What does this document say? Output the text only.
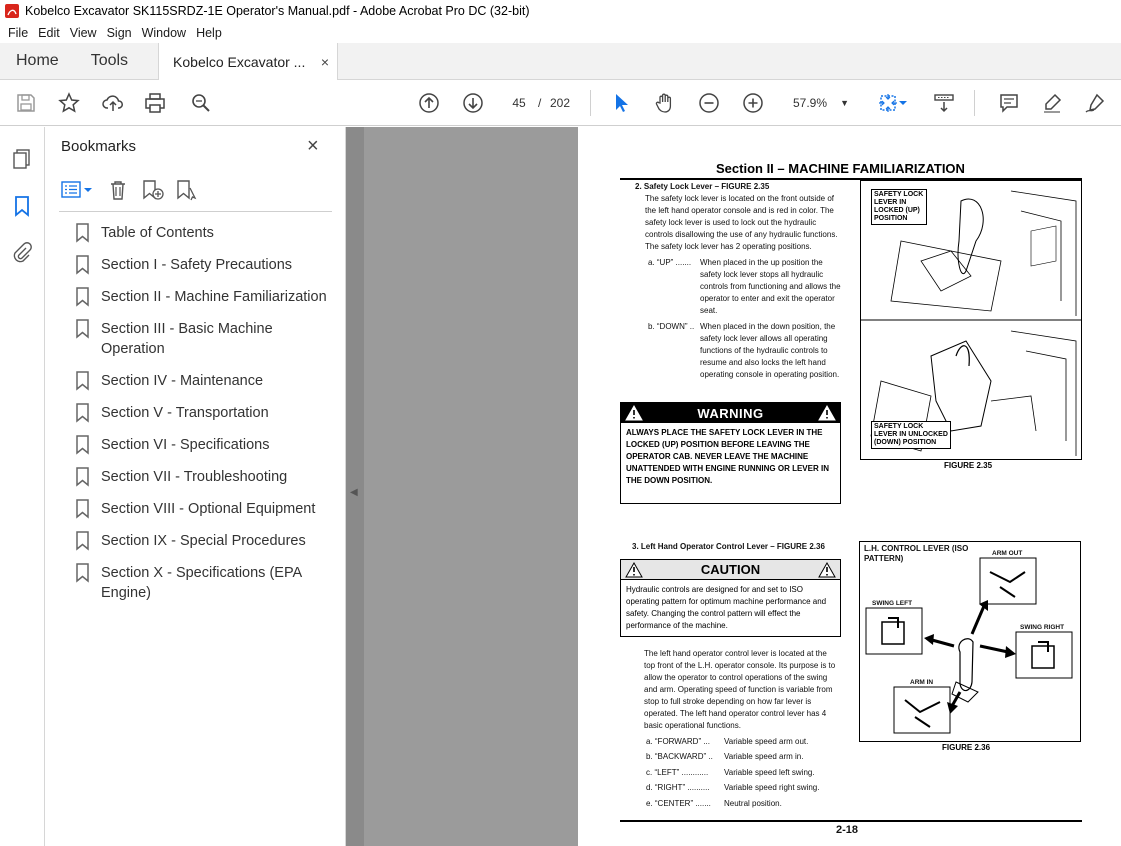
Kobelco Excavator SK115SRDZ-1E Operator's Manual.pdf - Adobe Acrobat Pro DC (32-bit)
File Edit View Sign Window Help
Home	Tools	Kobelco Excavator ... ×
45	/ 202	57.9% ▼
Bookmarks	×
Table of Contents
Section I - Safety Precautions
Section II - Machine Familiarization
Section III - Basic Machine Operation
Section IV - Maintenance
Section V - Transportation
Section VI - Specifications
Section VII - Troubleshooting
Section VIII - Optional Equipment
Section IX - Special Procedures
Section X - Specifications (EPA Engine)
◀
Section II – MACHINE FAMILIARIZATION
2. Safety Lock Lever – FIGURE 2.35
The safety lock lever is located on the front outside of the left hand operator console and is red in color. The safety lock lever is used to lock out the hydraulic controls disallowing the use of any hydraulic functions. The safety lock lever has 2 operating positions.
a. “UP” .......	When placed in the up position the safety lock lever stops all hydraulic controls from functioning and allows the operator to enter and exit the operator seat.
b. “DOWN” .. When placed in the down position, the safety lock lever allows all operating functions of the hydraulic controls to resume and also locks the left hand operating console in operating position.
WARNING
ALWAYS PLACE THE SAFETY LOCK LEVER IN THE LOCKED (UP) POSITION BEFORE LEAVING THE OPERATOR CAB. NEVER LEAVE THE MACHINE UNATTENDED WITH ENGINE RUNNING OR LEVER IN THE DOWN POSITION.
SAFETY LOCK LEVER IN LOCKED (UP) POSITION
SAFETY LOCK LEVER IN UNLOCKED (DOWN) POSITION
FIGURE 2.35
3. Left Hand Operator Control Lever – FIGURE 2.36
CAUTION
Hydraulic controls are designed for and set to ISO operating pattern for optimum machine performance and safety. Changing the control pattern will effect the performance of the machine.
The left hand operator control lever is located at the top front of the L.H. operator console. Its purpose is to allow the operator to control operations of the swing and arm. Operating speed of function is variable from stop to full stroke depending on how far lever is operated. The left hand operator control lever has 4 basic operational functions.
a. “FORWARD” ...	Variable speed arm out.
b. “BACKWARD” ..	Variable speed arm in.
c. “LEFT” ............	Variable speed left swing.
d. “RIGHT” ..........	Variable speed right swing.
e. “CENTER” .......	Neutral position.
L.H. CONTROL LEVER (ISO PATTERN)
ARM OUT
SWING LEFT
SWING RIGHT
ARM IN
FIGURE 2.36
2-18
